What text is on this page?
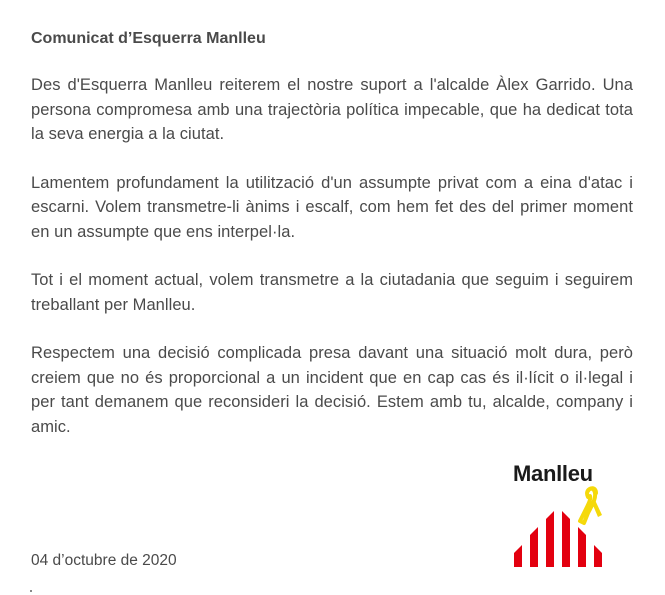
Comunicat d’Esquerra Manlleu

Des d'Esquerra Manlleu reiterem el nostre suport a l'alcalde Àlex Garrido. Una persona compromesa amb una trajectòria política impecable, que ha dedicat tota la seva energia a la ciutat.

Lamentem profundament la utilització d'un assumpte privat com a eina d'atac i escarni. Volem transmetre-li ànims i escalf, com hem fet des del primer moment en un assumpte que ens interpel·la.

Tot i el moment actual, volem transmetre a la ciutadania que seguim i seguirem treballant per Manlleu.

Respectem una decisió complicada presa davant una situació molt dura, però creiem que no és proporcional a un incident que en cap cas és il·lícit o il·legal i per tant demanem que reconsideri la decisió. Estem amb tu, alcalde, company i amic.

04 d’octubre de 2020
Manlleu
